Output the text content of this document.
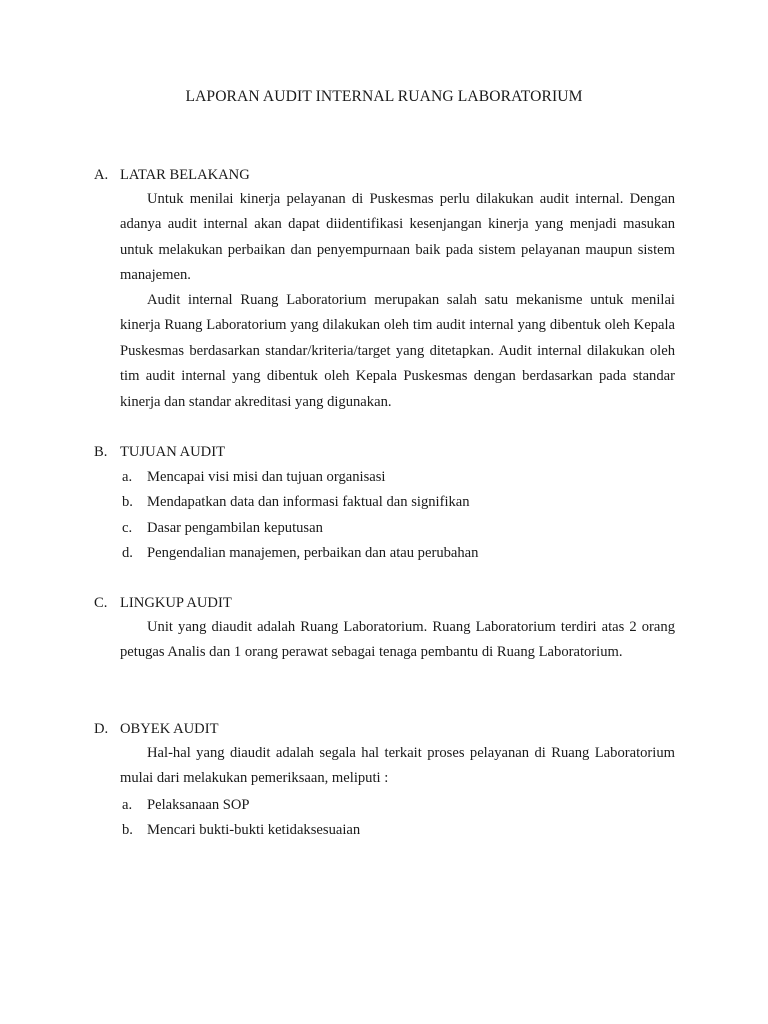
LAPORAN AUDIT INTERNAL RUANG LABORATORIUM
A. LATAR BELAKANG

Untuk menilai kinerja pelayanan di Puskesmas perlu dilakukan audit internal. Dengan adanya audit internal akan dapat diidentifikasi kesenjangan kinerja yang menjadi masukan untuk melakukan perbaikan dan penyempurnaan baik pada sistem pelayanan maupun sistem manajemen.

Audit internal Ruang Laboratorium merupakan salah satu mekanisme untuk menilai kinerja Ruang Laboratorium yang dilakukan oleh tim audit internal yang dibentuk oleh Kepala Puskesmas berdasarkan standar/kriteria/target yang ditetapkan. Audit internal dilakukan oleh tim audit internal yang dibentuk oleh Kepala Puskesmas dengan berdasarkan pada standar kinerja dan standar akreditasi yang digunakan.

B. TUJUAN AUDIT
a. Mencapai visi misi dan tujuan organisasi
b. Mendapatkan data dan informasi faktual dan signifikan
c. Dasar pengambilan keputusan
d. Pengendalian manajemen, perbaikan dan atau perubahan
C. LINGKUP AUDIT

Unit yang diaudit adalah Ruang Laboratorium. Ruang Laboratorium terdiri atas 2 orang petugas Analis dan 1 orang perawat sebagai tenaga pembantu di Ruang Laboratorium.

D. OBYEK AUDIT

Hal-hal yang diaudit adalah segala hal terkait proses pelayanan di Ruang Laboratorium mulai dari melakukan pemeriksaan, meliputi :

a. Pelaksanaan SOP
b. Mencari bukti-bukti ketidaksesuaian
